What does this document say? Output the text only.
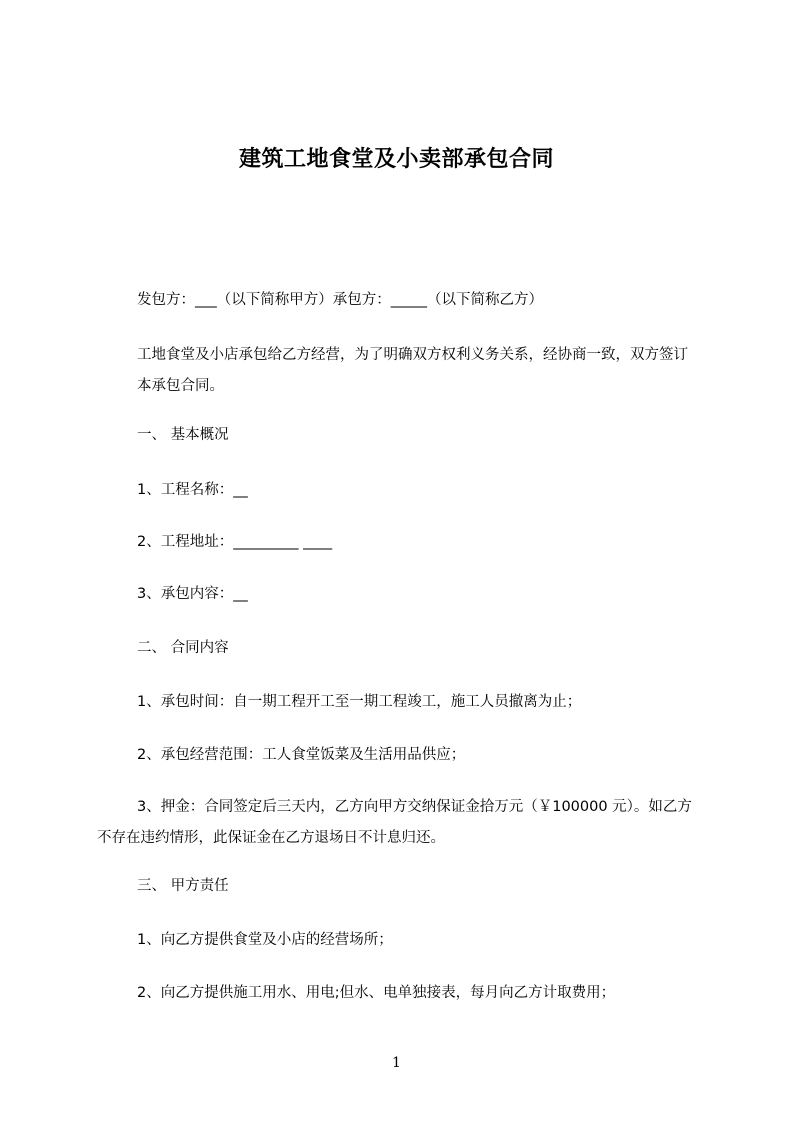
建筑工地食堂及小卖部承包合同
发包方：___（以下简称甲方）承包方：_____（以下简称乙方）
工地食堂及小店承包给乙方经营，为了明确双方权利义务关系，经协商一致，双方签订本承包合同。
一、 基本概况
1、工程名称：__
2、工程地址：_________ ____
3、承包内容：__
二、 合同内容
1、承包时间：自一期工程开工至一期工程竣工，施工人员撤离为止；
2、承包经营范围：工人食堂饭菜及生活用品供应；
3、押金：合同签定后三天内，乙方向甲方交纳保证金拾万元（￥100000 元）。如乙方不存在违约情形，此保证金在乙方退场日不计息归还。
三、 甲方责任
1、向乙方提供食堂及小店的经营场所；
2、向乙方提供施工用水、用电;但水、电单独接表，每月向乙方计取费用；
1
